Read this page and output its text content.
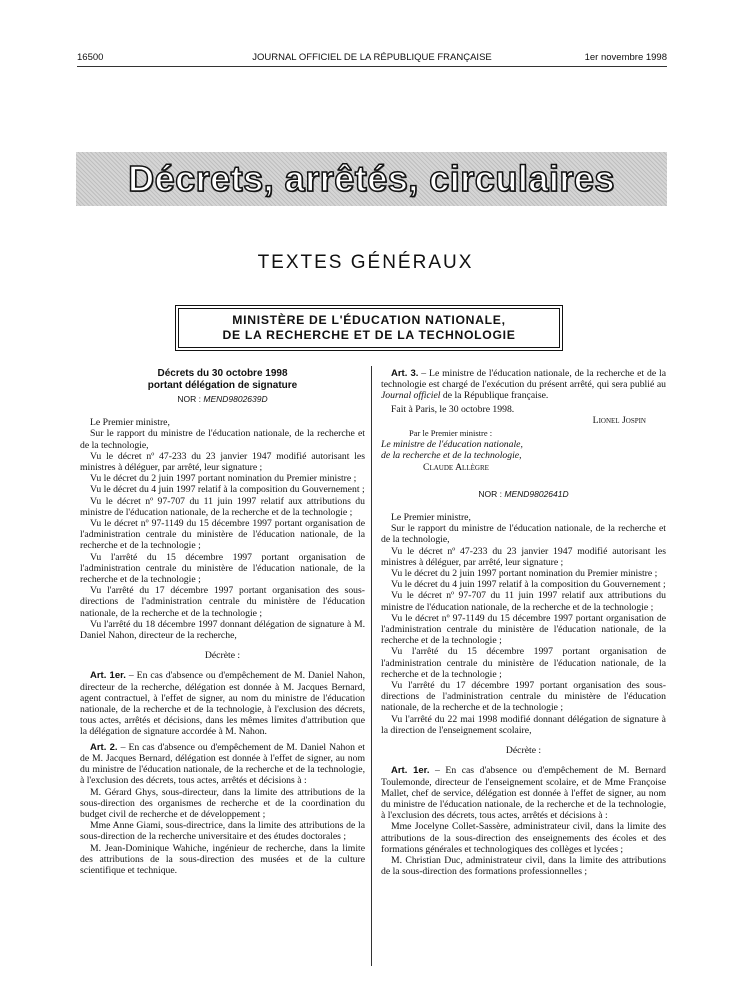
16500	JOURNAL OFFICIEL DE LA RÉPUBLIQUE FRANÇAISE	1er novembre 1998
Décrets, arrêtés, circulaires
TEXTES GÉNÉRAUX
MINISTÈRE DE L'ÉDUCATION NATIONALE,
DE LA RECHERCHE ET DE LA TECHNOLOGIE
Décrets du 30 octobre 1998
portant délégation de signature
NOR : MEND9802639D

Le Premier ministre,

Sur le rapport du ministre de l'éducation nationale, de la recherche et de la technologie,

Vu le décret nº 47-233 du 23 janvier 1947 modifié autorisant les ministres à déléguer, par arrêté, leur signature ;

Vu le décret du 2 juin 1997 portant nomination du Premier ministre ;

Vu le décret du 4 juin 1997 relatif à la composition du Gouvernement ;

Vu le décret nº 97-707 du 11 juin 1997 relatif aux attributions du ministre de l'éducation nationale, de la recherche et de la technologie ;

Vu le décret nº 97-1149 du 15 décembre 1997 portant organisation de l'administration centrale du ministère de l'éducation nationale, de la recherche et de la technologie ;

Vu l'arrêté du 15 décembre 1997 portant organisation de l'administration centrale du ministère de l'éducation nationale, de la recherche et de la technologie ;

Vu l'arrêté du 17 décembre 1997 portant organisation des sous-directions de l'administration centrale du ministère de l'éducation nationale, de la recherche et de la technologie ;

Vu l'arrêté du 18 décembre 1997 donnant délégation de signature à M. Daniel Nahon, directeur de la recherche,

Décrète :

Art. 1er. – En cas d'absence ou d'empêchement de M. Daniel Nahon, directeur de la recherche, délégation est donnée à M. Jacques Bernard, agent contractuel, à l'effet de signer, au nom du ministre de l'éducation nationale, de la recherche et de la technologie, à l'exclusion des décrets, tous actes, arrêtés et décisions, dans les mêmes limites d'attribution que la délégation de signature accordée à M. Nahon.

Art. 2. – En cas d'absence ou d'empêchement de M. Daniel Nahon et de M. Jacques Bernard, délégation est donnée à l'effet de signer, au nom du ministre de l'éducation nationale, de la recherche et de la technologie, à l'exclusion des décrets, tous actes, arrêtés et décisions à :

M. Gérard Ghys, sous-directeur, dans la limite des attributions de la sous-direction des organismes de recherche et de la coordination du budget civil de recherche et de développement ;

Mme Anne Giami, sous-directrice, dans la limite des attributions de la sous-direction de la recherche universitaire et des études doctorales ;

M. Jean-Dominique Wahiche, ingénieur de recherche, dans la limite des attributions de la sous-direction des musées et de la culture scientifique et technique.

Art. 3. – Le ministre de l'éducation nationale, de la recherche et de la technologie est chargé de l'exécution du présent arrêté, qui sera publié au Journal officiel de la République française.

Fait à Paris, le 30 octobre 1998.

Lionel Jospin
Par le Premier ministre :
Le ministre de l'éducation nationale,
de la recherche et de la technologie,
Claude Allègre
NOR : MEND9802641D

Le Premier ministre,

Sur le rapport du ministre de l'éducation nationale, de la recherche et de la technologie,

Vu le décret nº 47-233 du 23 janvier 1947 modifié autorisant les ministres à déléguer, par arrêté, leur signature ;

Vu le décret du 2 juin 1997 portant nomination du Premier ministre ;

Vu le décret du 4 juin 1997 relatif à la composition du Gouvernement ;

Vu le décret nº 97-707 du 11 juin 1997 relatif aux attributions du ministre de l'éducation nationale, de la recherche et de la technologie ;

Vu le décret nº 97-1149 du 15 décembre 1997 portant organisation de l'administration centrale du ministère de l'éducation nationale, de la recherche et de la technologie ;

Vu l'arrêté du 15 décembre 1997 portant organisation de l'administration centrale du ministère de l'éducation nationale, de la recherche et de la technologie ;

Vu l'arrêté du 17 décembre 1997 portant organisation des sous-directions de l'administration centrale du ministère de l'éducation nationale, de la recherche et de la technologie ;

Vu l'arrêté du 22 mai 1998 modifié donnant délégation de signature à la direction de l'enseignement scolaire,

Décrète :

Art. 1er. – En cas d'absence ou d'empêchement de M. Bernard Toulemonde, directeur de l'enseignement scolaire, et de Mme Françoise Mallet, chef de service, délégation est donnée à l'effet de signer, au nom du ministre de l'éducation nationale, de la recherche et de la technologie, à l'exclusion des décrets, tous actes, arrêtés et décisions à :

Mme Jocelyne Collet-Sassère, administrateur civil, dans la limite des attributions de la sous-direction des enseignements des écoles et des formations générales et technologiques des collèges et lycées ;

M. Christian Duc, administrateur civil, dans la limite des attributions de la sous-direction des formations professionnelles ;
